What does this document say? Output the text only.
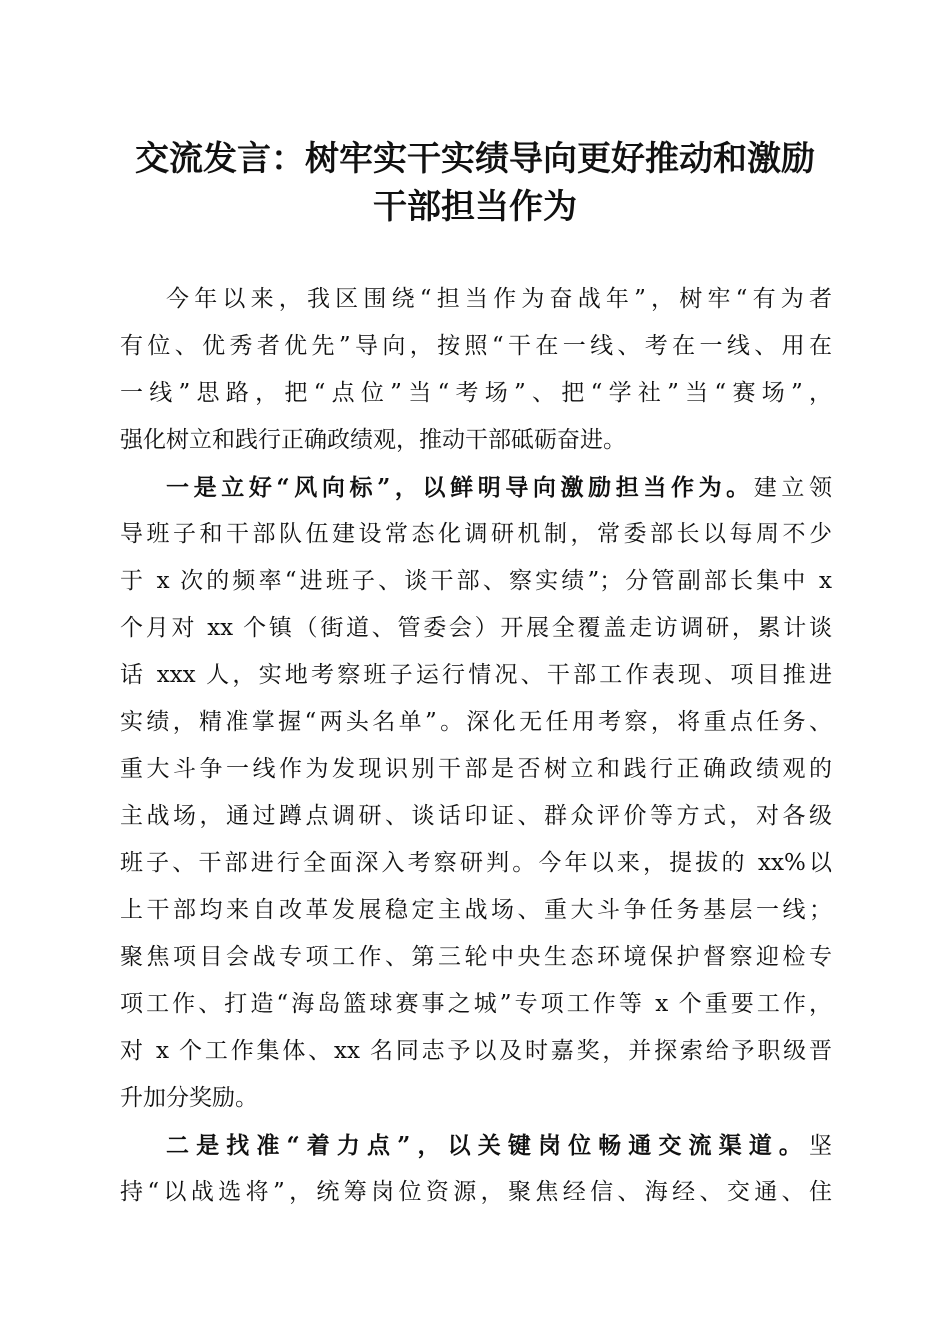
交流发言：树牢实干实绩导向更好推动和激励
干部担当作为
今年以来，我区围绕“担当作为奋战年”，树牢“有为者
有位、优秀者优先”导向，按照“干在一线、考在一线、用在
一线”思路，把“点位”当“考场”、把“学社”当“赛场”，
强化树立和践行正确政绩观，推动干部砥砺奋进。
一是立好“风向标”，以鲜明导向激励担当作为。建立领
导班子和干部队伍建设常态化调研机制，常委部长以每周不少
于 x 次的频率“进班子、谈干部、察实绩”；分管副部长集中 x
个月对 xx 个镇（街道、管委会）开展全覆盖走访调研，累计谈
话 xxx 人，实地考察班子运行情况、干部工作表现、项目推进
实绩，精准掌握“两头名单”。深化无任用考察，将重点任务、
重大斗争一线作为发现识别干部是否树立和践行正确政绩观的
主战场，通过蹲点调研、谈话印证、群众评价等方式，对各级
班子、干部进行全面深入考察研判。今年以来，提拔的 xx%以
上干部均来自改革发展稳定主战场、重大斗争任务基层一线；
聚焦项目会战专项工作、第三轮中央生态环境保护督察迎检专
项工作、打造“海岛篮球赛事之城”专项工作等 x 个重要工作，
对 x 个工作集体、xx 名同志予以及时嘉奖，并探索给予职级晋
升加分奖励。
二是找准“着力点”，以关键岗位畅通交流渠道。坚
持“以战选将”，统筹岗位资源，聚焦经信、海经、交通、住
